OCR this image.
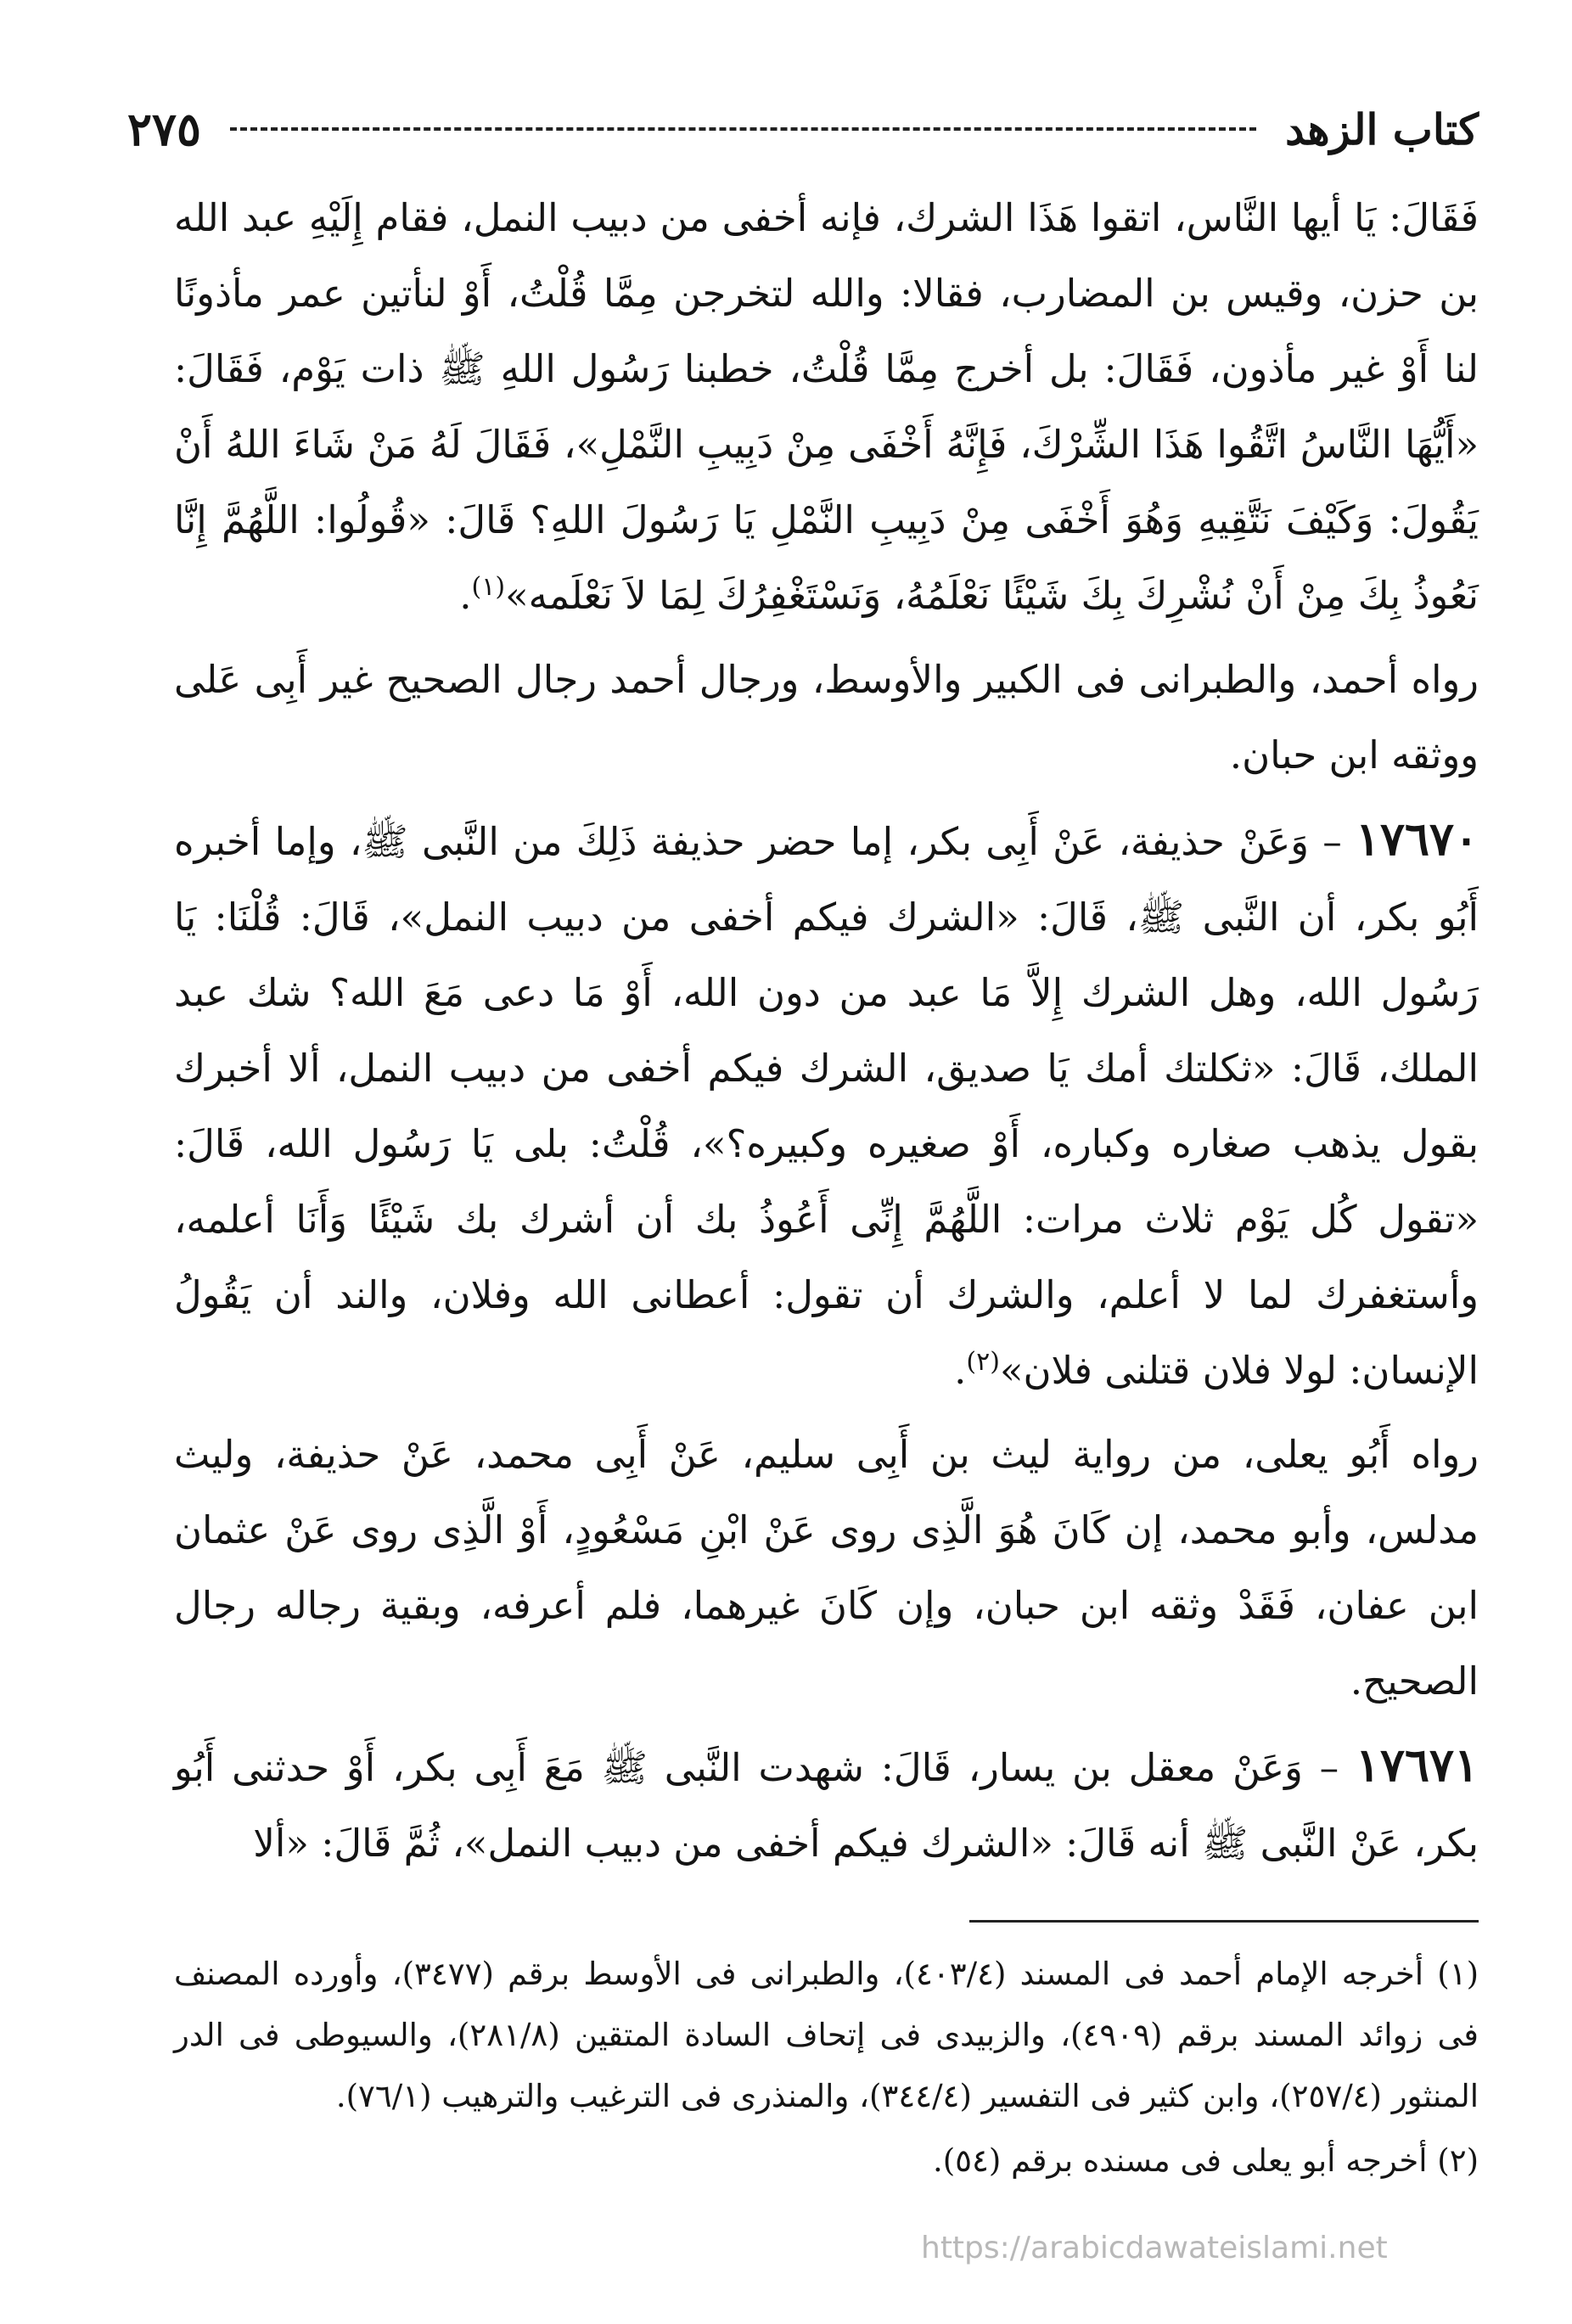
كتاب الزهد
٢٧٥

فَقَالَ: يَا أيها النَّاس، اتقوا هَذَا الشرك، فإنه أخفى من دبيب النمل، فقام إِلَيْهِ عبد الله بن حزن، وقيس بن المضارب، فقالا: والله لتخرجن مِمَّا قُلْتُ، أَوْ لنأتين عمر مأذونًا لنا أَوْ غير مأذون، فَقَالَ: بل أخرج مِمَّا قُلْتُ، خطبنا رَسُول اللهِ ﷺ ذات يَوْم، فَقَالَ: «أَيُّهَا النَّاسُ اتَّقُوا هَذَا الشِّرْكَ، فَإِنَّهُ أَخْفَى مِنْ دَبِيبِ النَّمْلِ»، فَقَالَ لَهُ مَنْ شَاءَ اللهُ أَنْ يَقُولَ: وَكَيْفَ نَتَّقِيهِ وَهُوَ أَخْفَى مِنْ دَبِيبِ النَّمْلِ يَا رَسُولَ اللهِ؟ قَالَ: «قُولُوا: اللَّهُمَّ إِنَّا نَعُوذُ بِكَ مِنْ أَنْ نُشْرِكَ بِكَ شَيْئًا نَعْلَمُهُ، وَنَسْتَغْفِرُكَ لِمَا لاَ نَعْلَمه»$^{(١)}$.

رواه أحمد، والطبرانى فى الكبير والأوسط، ورجال أحمد رجال الصحيح غير أَبِى عَلى ووثقه ابن حبان.

١٧٦٧٠ – وَعَنْ حذيفة، عَنْ أَبِى بكر، إما حضر حذيفة ذَلِكَ من النَّبى ﷺ، وإما أخبره أَبُو بكر، أن النَّبى ﷺ، قَالَ: «الشرك فيكم أخفى من دبيب النمل»، قَالَ: قُلْنَا: يَا رَسُول الله، وهل الشرك إِلاَّ مَا عبد من دون الله، أَوْ مَا دعى مَعَ الله؟ شك عبد الملك، قَالَ: «ثكلتك أمك يَا صديق، الشرك فيكم أخفى من دبيب النمل، ألا أخبرك بقول يذهب صغاره وكباره، أَوْ صغيره وكبيره؟»، قُلْتُ: بلى يَا رَسُول الله، قَالَ: «تقول كُل يَوْم ثلاث مرات: اللَّهُمَّ إِنِّى أَعُوذُ بك أن أشرك بك شَيْئًا وَأَنَا أعلمه، وأستغفرك لما لا أعلم، والشرك أن تقول: أعطانى الله وفلان، والند أن يَقُولُ الإنسان: لولا فلان قتلنى فلان»$^{(٢)}$.

رواه أَبُو يعلى، من رواية ليث بن أَبِى سليم، عَنْ أَبِى محمد، عَنْ حذيفة، وليث مدلس، وأبو محمد، إن كَانَ هُوَ الَّذِى روى عَنْ ابْنِ مَسْعُودٍ، أَوْ الَّذِى روى عَنْ عثمان ابن عفان، فَقَدْ وثقه ابن حبان، وإن كَانَ غيرهما، فلم أعرفه، وبقية رجاله رجال الصحيح.

١٧٦٧١ – وَعَنْ معقل بن يسار، قَالَ: شهدت النَّبى ﷺ مَعَ أَبِى بكر، أَوْ حدثنى أَبُو بكر، عَنْ النَّبى ﷺ أنه قَالَ: «الشرك فيكم أخفى من دبيب النمل»، ثُمَّ قَالَ: «ألا

(١) أخرجه الإمام أحمد فى المسند (٤٠٣/٤)، والطبرانى فى الأوسط برقم (٣٤٧٧)، وأورده المصنف فى زوائد المسند برقم (٤٩٠٩)، والزبيدى فى إتحاف السادة المتقين (٢٨١/٨)، والسيوطى فى الدر المنثور (٢٥٧/٤)، وابن كثير فى التفسير (٣٤٤/٤)، والمنذرى فى الترغيب والترهيب (٧٦/١).

(٢) أخرجه أبو يعلى فى مسنده برقم (٥٤).

https://arabicdawateislami.net
